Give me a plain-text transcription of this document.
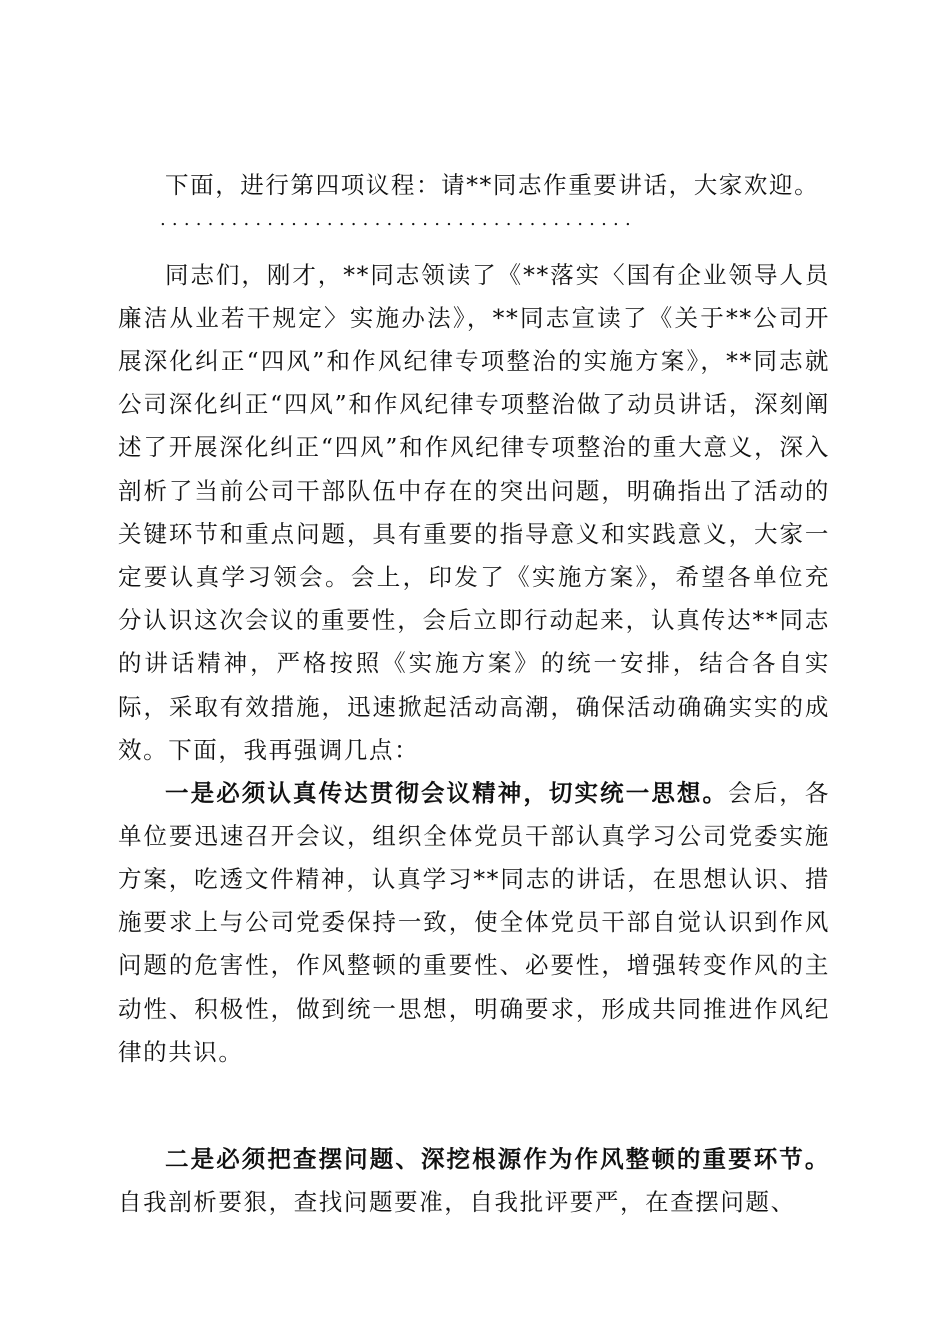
下面，进行第四项议程：请**同志作重要讲话，大家欢迎。

........................................

同志们，刚才，**同志领读了《**落实〈国有企业领导人员廉洁从业若干规定〉实施办法》，**同志宣读了《关于**公司开展深化纠正“四风”和作风纪律专项整治的实施方案》，**同志就公司深化纠正“四风”和作风纪律专项整治做了动员讲话，深刻阐述了开展深化纠正“四风”和作风纪律专项整治的重大意义，深入剖析了当前公司干部队伍中存在的突出问题，明确指出了活动的关键环节和重点问题，具有重要的指导意义和实践意义，大家一定要认真学习领会。会上，印发了《实施方案》，希望各单位充分认识这次会议的重要性，会后立即行动起来，认真传达**同志的讲话精神，严格按照《实施方案》的统一安排，结合各自实际，采取有效措施，迅速掀起活动高潮，确保活动确确实实的成效。下面，我再强调几点：

一是必须认真传达贯彻会议精神，切实统一思想。会后，各单位要迅速召开会议，组织全体党员干部认真学习公司党委实施方案，吃透文件精神，认真学习**同志的讲话，在思想认识、措施要求上与公司党委保持一致，使全体党员干部自觉认识到作风问题的危害性，作风整顿的重要性、必要性，增强转变作风的主动性、积极性，做到统一思想，明确要求，形成共同推进作风纪律的共识。

二是必须把查摆问题、深挖根源作为作风整顿的重要环节。自我剖析要狠，查找问题要准，自我批评要严，在查摆问题、
